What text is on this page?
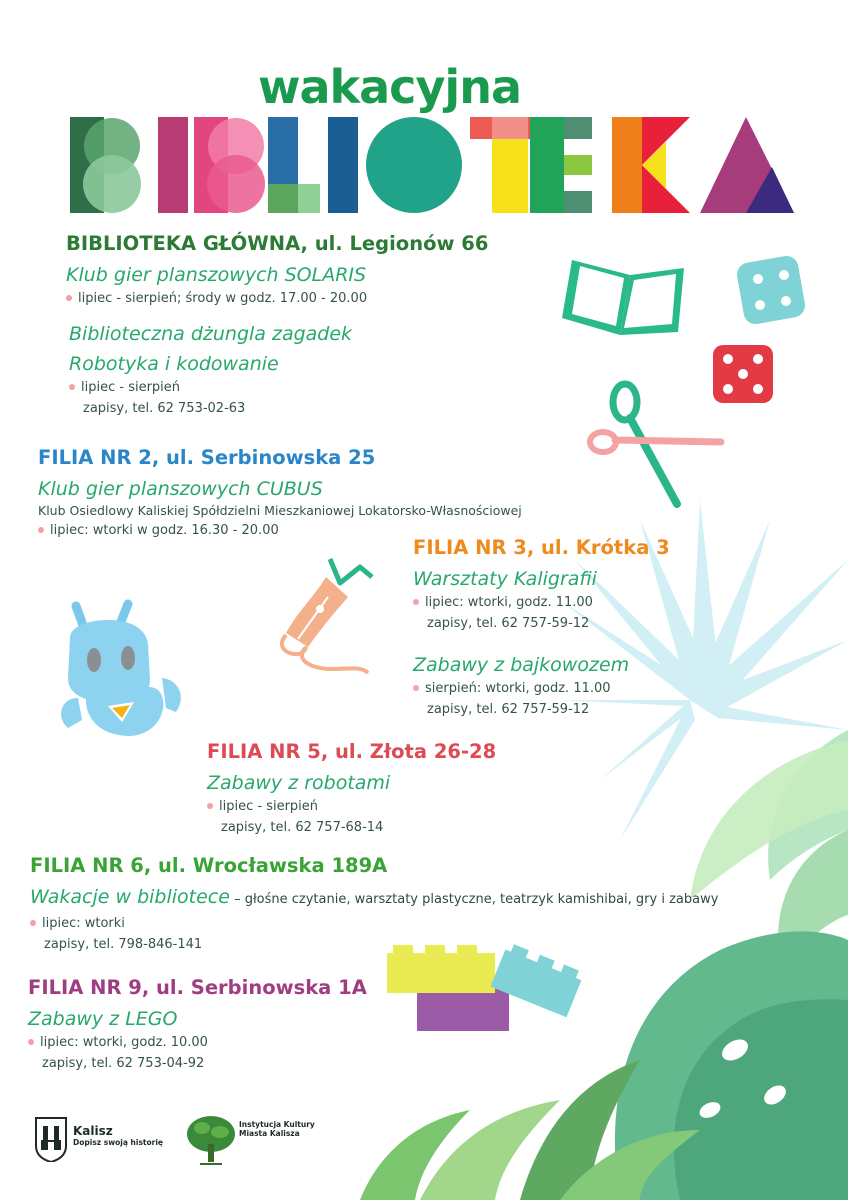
wakacyjna
BIBLIOTEKA GŁÓWNA, ul. Legionów 66
Klub gier planszowych SOLARIS
lipiec - sierpień; środy w godz. 17.00 - 20.00
Biblioteczna dżungla zagadek
Robotyka i kodowanie
lipiec - sierpień
zapisy, tel. 62 753-02-63
FILIA NR 2, ul. Serbinowska 25
Klub gier planszowych CUBUS
Klub Osiedlowy Kaliskiej Spółdzielni Mieszkaniowej Lokatorsko-Własnościowej
lipiec: wtorki w godz. 16.30 - 20.00
FILIA NR 3, ul. Krótka 3
Warsztaty Kaligrafii
lipiec: wtorki, godz. 11.00
zapisy, tel. 62 757-59-12
Zabawy z bajkowozem
sierpień: wtorki, godz. 11.00
zapisy, tel. 62 757-59-12
FILIA NR 5, ul. Złota 26-28
Zabawy z robotami
lipiec - sierpień
zapisy, tel. 62 757-68-14
FILIA NR 6, ul. Wrocławska 189A
Wakacje w bibliotece – głośne czytanie, warsztaty plastyczne, teatrzyk kamishibai, gry i zabawy
lipiec: wtorki
zapisy, tel. 798-846-141
FILIA NR 9, ul. Serbinowska 1A
Zabawy z LEGO
lipiec: wtorki, godz. 10.00
zapisy, tel. 62 753-04-92
Kalisz
Dopisz swoją historię
Instytucja Kultury
Miasta Kalisza
